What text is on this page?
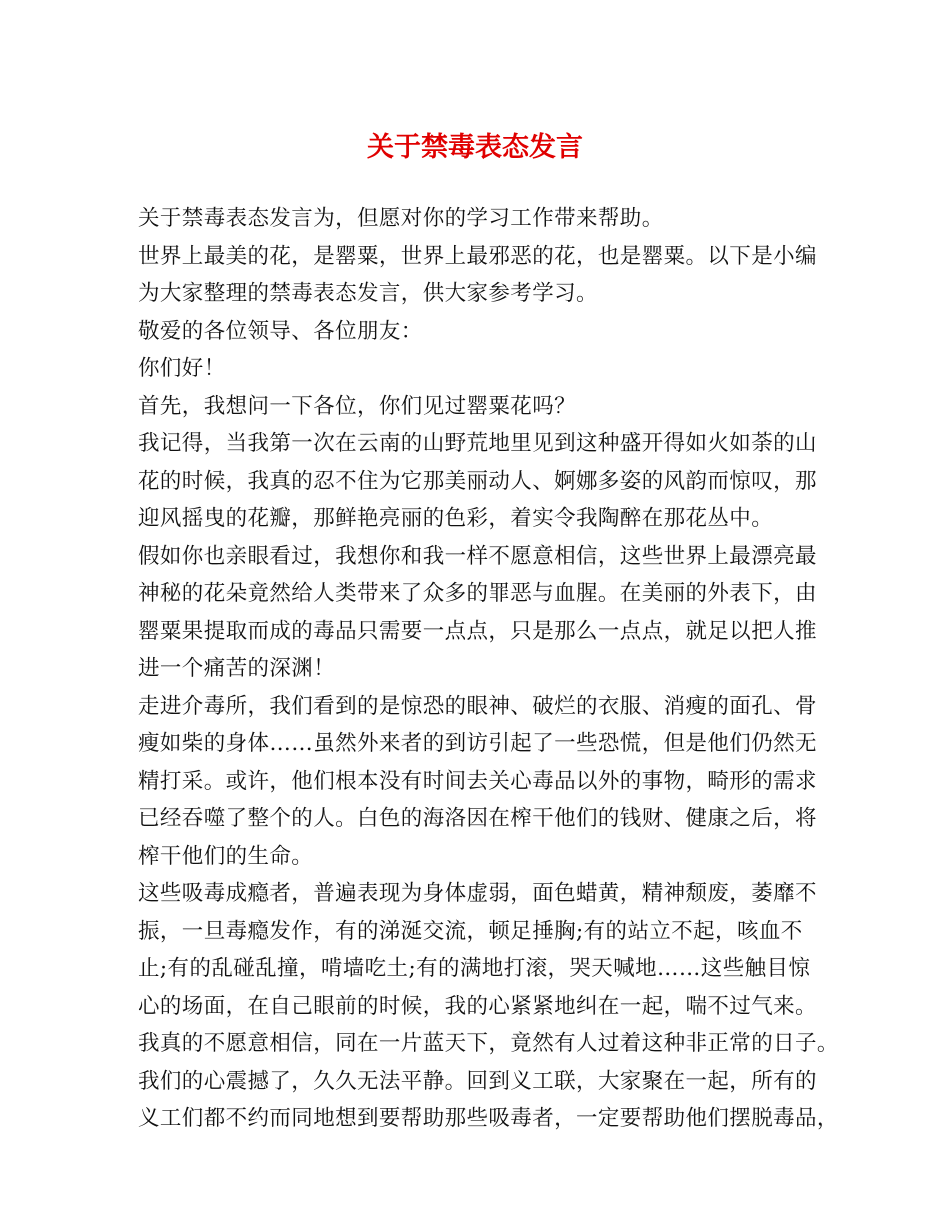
关于禁毒表态发言
关于禁毒表态发言为，但愿对你的学习工作带来帮助。
世界上最美的花，是罂粟，世界上最邪恶的花，也是罂粟。以下是小编
为大家整理的禁毒表态发言，供大家参考学习。
敬爱的各位领导、各位朋友：
你们好！
首先，我想问一下各位，你们见过罂粟花吗？
我记得，当我第一次在云南的山野荒地里见到这种盛开得如火如荼的山
花的时候，我真的忍不住为它那美丽动人、婀娜多姿的风韵而惊叹，那
迎风摇曳的花瓣，那鲜艳亮丽的色彩，着实令我陶醉在那花丛中。
假如你也亲眼看过，我想你和我一样不愿意相信，这些世界上最漂亮最
神秘的花朵竟然给人类带来了众多的罪恶与血腥。在美丽的外表下，由
罂粟果提取而成的毒品只需要一点点，只是那么一点点，就足以把人推
进一个痛苦的深渊！
走进介毒所，我们看到的是惊恐的眼神、破烂的衣服、消瘦的面孔、骨
瘦如柴的身体……虽然外来者的到访引起了一些恐慌，但是他们仍然无
精打采。或许，他们根本没有时间去关心毒品以外的事物，畸形的需求
已经吞噬了整个的人。白色的海洛因在榨干他们的钱财、健康之后，将
榨干他们的生命。
这些吸毒成瘾者，普遍表现为身体虚弱，面色蜡黄，精神颓废，萎靡不
振，一旦毒瘾发作，有的涕涎交流，顿足捶胸;有的站立不起，咳血不
止;有的乱碰乱撞，啃墙吃土;有的满地打滚，哭天喊地……这些触目惊
心的场面，在自己眼前的时候，我的心紧紧地纠在一起，喘不过气来。
我真的不愿意相信，同在一片蓝天下，竟然有人过着这种非正常的日子。
我们的心震撼了，久久无法平静。回到义工联，大家聚在一起，所有的
义工们都不约而同地想到要帮助那些吸毒者，一定要帮助他们摆脱毒品，
